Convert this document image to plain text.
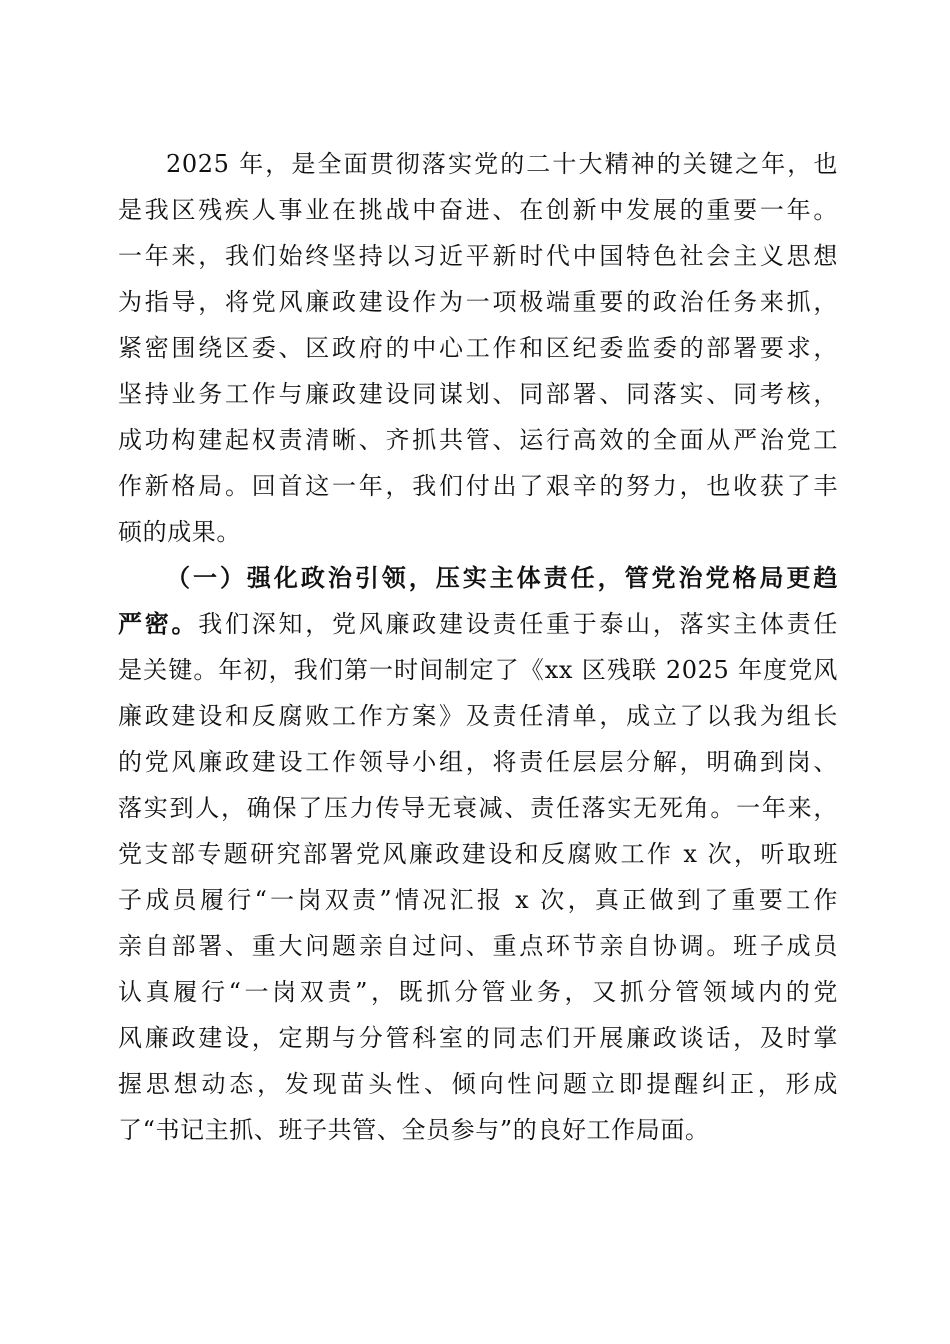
2025 年，是全面贯彻落实党的二十大精神的关键之年，也
是我区残疾人事业在挑战中奋进、在创新中发展的重要一年。
一年来，我们始终坚持以习近平新时代中国特色社会主义思想
为指导，将党风廉政建设作为一项极端重要的政治任务来抓，
紧密围绕区委、区政府的中心工作和区纪委监委的部署要求，
坚持业务工作与廉政建设同谋划、同部署、同落实、同考核，
成功构建起权责清晰、齐抓共管、运行高效的全面从严治党工
作新格局。回首这一年，我们付出了艰辛的努力，也收获了丰
硕的成果。
（一）强化政治引领，压实主体责任，管党治党格局更趋
严密。我们深知，党风廉政建设责任重于泰山，落实主体责任
是关键。年初，我们第一时间制定了《xx 区残联 2025 年度党风
廉政建设和反腐败工作方案》及责任清单，成立了以我为组长
的党风廉政建设工作领导小组，将责任层层分解，明确到岗、
落实到人，确保了压力传导无衰减、责任落实无死角。一年来，
党支部专题研究部署党风廉政建设和反腐败工作 x 次，听取班
子成员履行“一岗双责”情况汇报 x 次，真正做到了重要工作
亲自部署、重大问题亲自过问、重点环节亲自协调。班子成员
认真履行“一岗双责”，既抓分管业务，又抓分管领域内的党
风廉政建设，定期与分管科室的同志们开展廉政谈话，及时掌
握思想动态，发现苗头性、倾向性问题立即提醒纠正，形成
了“书记主抓、班子共管、全员参与”的良好工作局面。
